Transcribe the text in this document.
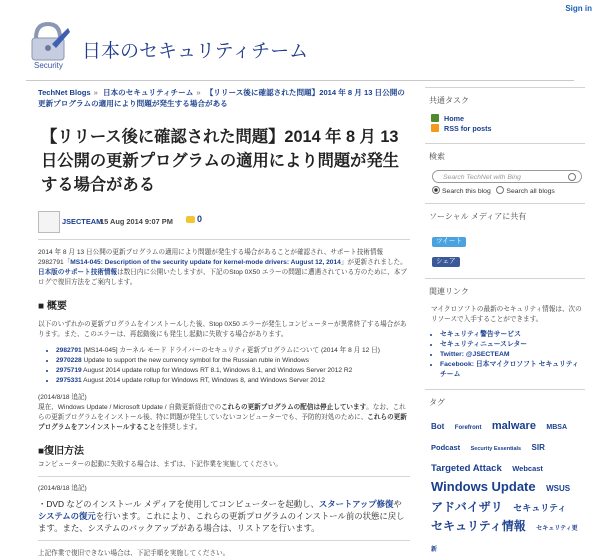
Sign in
Security
日本のセキュリティチーム
TechNet Blogs » 日本のセキュリティチーム » 【リリース後に確認された問題】2014 年 8 月 13 日公開の更新プログラムの適用により問題が発生する場合がある
【リリース後に確認された問題】2014 年 8 月 13 日公開の更新プログラムの適用により問題が発生する場合がある
JSECTEAM
15 Aug 2014 9:07 PM	0
2014 年 8 月 13 日公開の更新プログラムの適用により問題が発生する場合があることが確認され、サポート技術情報 2982791「MS14-045: Description of the security update for kernel-mode drivers: August 12, 2014」が更新されました。日本版のサポート技術情報は数日内に公開いたしますが、下記のStop 0X50 エラーの問題に遭遇されている方のために、本ブログで復旧方法をご案内します。
■ 概要
以下のいずれかの更新プログラムをインストールした後、Stop 0X50 エラーが発生しコンピューターが異常終了する場合があります。また、このエラーは、再起動後にも発生し起動に失敗する場合があります。
• 2982791 [MS14-045] カーネル モード ドライバーのセキュリティ更新プログラムについて (2014 年 8 月 12 日)
• 2970228 Update to support the new currency symbol for the Russian ruble in Windows
• 2975719 August 2014 update rollup for Windows RT 8.1, Windows 8.1, and Windows Server 2012 R2
• 2975331 August 2014 update rollup for Windows RT, Windows 8, and Windows Server 2012
(2014/8/18 追記)
現在、Windows Update / Microsoft Update / 自動更新経由でのこれらの更新プログラムの配信は停止しています。なお、これらの更新プログラムをインストール後、特に問題が発生していないコンピューターでも、予防的対処のために、これらの更新プログラムをアンインストールすることを推奨します。
■復旧方法
コンピューターの起動に失敗する場合は、まずは、下記作業を実施してください。
(2014/8/18 追記)
・DVD などのインストール メディアを使用してコンピューターを起動し、スタートアップ修復やシステムの復元を行います。これにより、これらの更新プログラムのインストール前の状態に戻します。また、システムのバックアップがある場合は、リストアを行います。
上記作業で復旧できない場合は、下記手順を実施してください。
共通タスク
Home
RSS for posts
検索
Search TechNet with Bing
Search this blog Search all blogs
ソーシャル メディアに共有
ツイート
シェア
関連リンク
マイクロソフトの最新のセキュリティ情報は、次のリソースで入手することができます。
• セキュリティ警告サービス
• セキュリティニュースレター
• Twitter: @JSECTEAM
• Facebook: 日本マイクロソフト セキュリティチーム
タグ
Bot Forefront malware MBSA Podcast Security Essentials SIR Targeted Attack Webcast Windows Update WSUS アドバイザリ セキュリティ セキュリティ情報 セキュリティ更新
